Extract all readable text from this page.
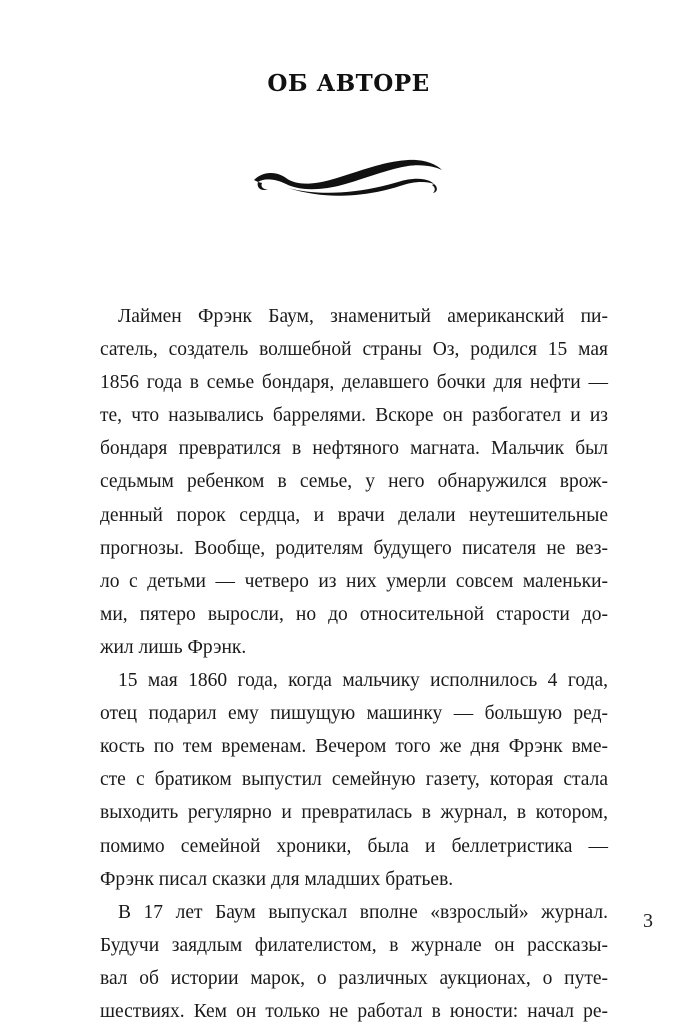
ОБ АВТОРЕ
Лаймен Фрэнк Баум, знаменитый американский пи-
сатель, создатель волшебной страны Оз, родился 15 мая
1856 года в семье бондаря, делавшего бочки для нефти —
те, что назывались баррелями. Вскоре он разбогател и из
бондаря превратился в нефтяного магната. Мальчик был
седьмым ребенком в семье, у него обнаружился врож-
денный порок сердца, и врачи делали неутешительные
прогнозы. Вообще, родителям будущего писателя не вез-
ло с детьми — четверо из них умерли совсем маленьки-
ми, пятеро выросли, но до относительной старости до-
жил лишь Фрэнк.
15 мая 1860 года, когда мальчику исполнилось 4 года,
отец подарил ему пишущую машинку — большую ред-
кость по тем временам. Вечером того же дня Фрэнк вме-
сте с братиком выпустил семейную газету, которая стала
выходить регулярно и превратилась в журнал, в котором,
помимо семейной хроники, была и беллетристика —
Фрэнк писал сказки для младших братьев.
В 17 лет Баум выпускал вполне «взрослый» журнал.
Будучи заядлым филателистом, в журнале он рассказы-
вал об истории марок, о различных аукционах, о путе-
шествиях. Кем он только не работал в юности: начал ре-
3
